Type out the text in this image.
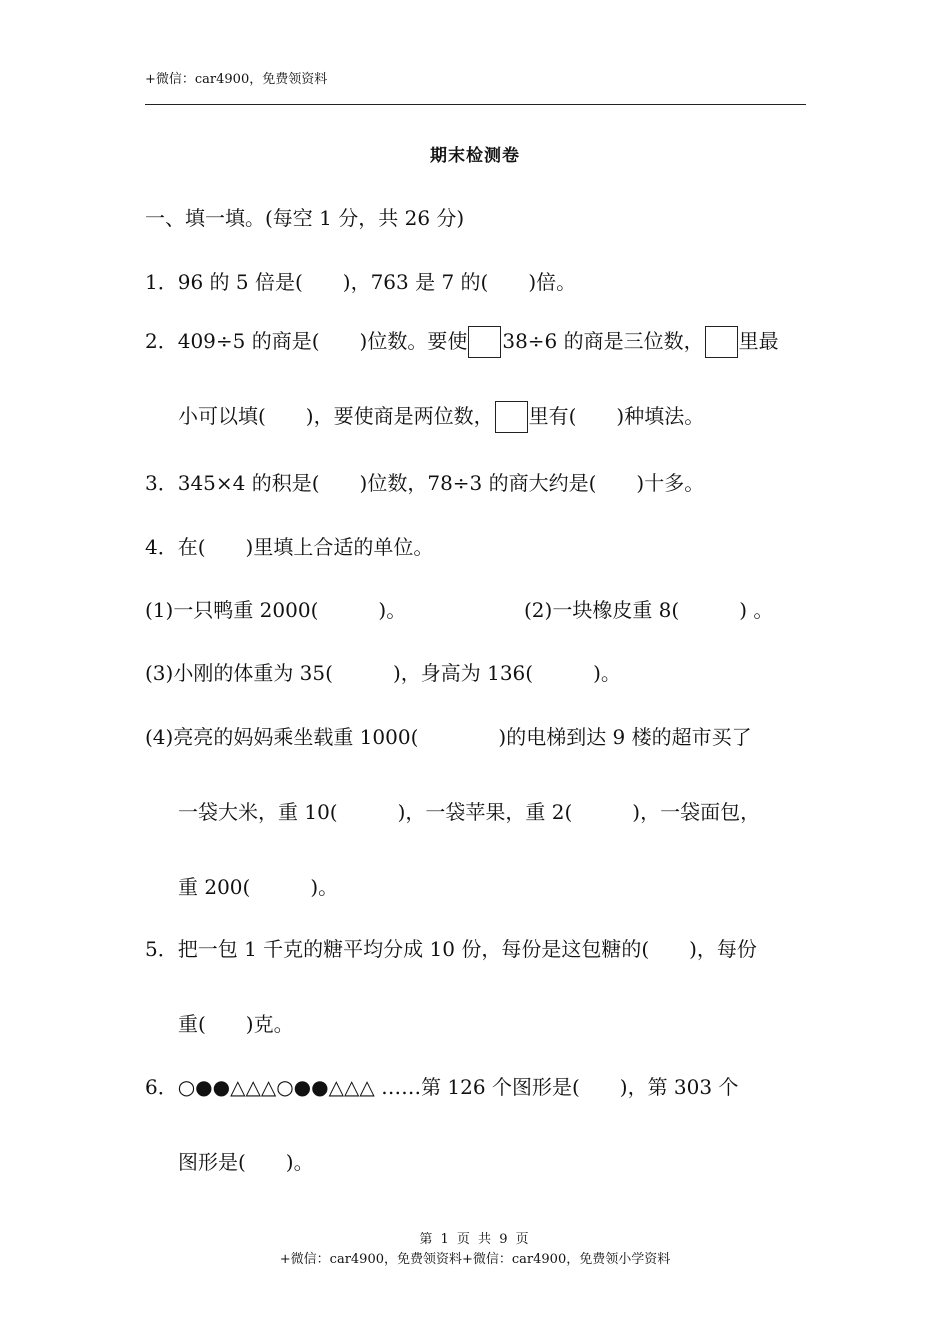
+微信：car4900，免费领资料
期末检测卷
一、填一填。(每空 1 分，共 26 分)
1．96 的 5 倍是(　　)，763 是 7 的(　　)倍。
2．409÷5 的商是(　　)位数。要使 38÷6 的商是三位数， 里最
小可以填(　　)，要使商是两位数， 里有(　　)种填法。
3．345×4 的积是(　　)位数，78÷3 的商大约是(　　)十多。
4．在(　　)里填上合适的单位。
(1)一只鸭重 2000(　　　)。	(2)一块橡皮重 8(　　　) 。
(3)小刚的体重为 35(　　　)，身高为 136(　　　)。
(4)亮亮的妈妈乘坐载重 1000(　　　　)的电梯到达 9 楼的超市买了
一袋大米，重 10(　　　)，一袋苹果，重 2(　　　)，一袋面包，
重 200(　　　)。
5．把一包 1 千克的糖平均分成 10 份，每份是这包糖的(　　)，每份
重(　　)克。
6．○●●△△△○●●△△△ ……第 126 个图形是(　　)，第 303 个
图形是(　　)。
第 1 页 共 9 页
+微信：car4900，免费领资料+微信：car4900，免费领小学资料
